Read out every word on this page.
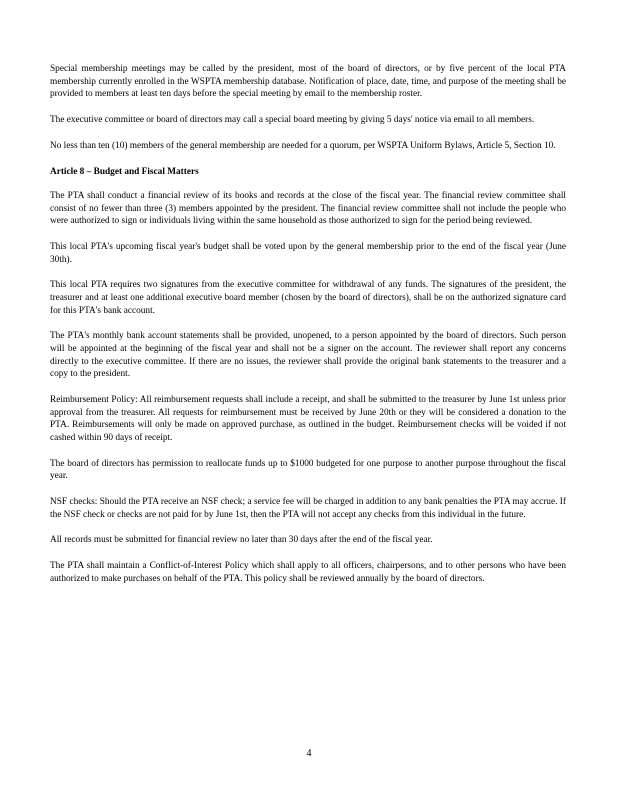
Special membership meetings may be called by the president, most of the board of directors, or by five percent of the local PTA membership currently enrolled in the WSPTA membership database. Notification of place, date, time, and purpose of the meeting shall be provided to members at least ten days before the special meeting by email to the membership roster.

The executive committee or board of directors may call a special board meeting by giving 5 days' notice via email to all members.

No less than ten (10) members of the general membership are needed for a quorum, per WSPTA Uniform Bylaws, Article 5, Section 10.

Article 8 – Budget and Fiscal Matters

The PTA shall conduct a financial review of its books and records at the close of the fiscal year. The financial review committee shall consist of no fewer than three (3) members appointed by the president. The financial review committee shall not include the people who were authorized to sign or individuals living within the same household as those authorized to sign for the period being reviewed.

This local PTA's upcoming fiscal year's budget shall be voted upon by the general membership prior to the end of the fiscal year (June 30th).

This local PTA requires two signatures from the executive committee for withdrawal of any funds. The signatures of the president, the treasurer and at least one additional executive board member (chosen by the board of directors), shall be on the authorized signature card for this PTA's bank account.

The PTA's monthly bank account statements shall be provided, unopened, to a person appointed by the board of directors. Such person will be appointed at the beginning of the fiscal year and shall not be a signer on the account. The reviewer shall report any concerns directly to the executive committee. If there are no issues, the reviewer shall provide the original bank statements to the treasurer and a copy to the president.

Reimbursement Policy: All reimbursement requests shall include a receipt, and shall be submitted to the treasurer by June 1st unless prior approval from the treasurer. All requests for reimbursement must be received by June 20th or they will be considered a donation to the PTA. Reimbursements will only be made on approved purchase, as outlined in the budget. Reimbursement checks will be voided if not cashed within 90 days of receipt.

The board of directors has permission to reallocate funds up to $1000 budgeted for one purpose to another purpose throughout the fiscal year.

NSF checks: Should the PTA receive an NSF check; a service fee will be charged in addition to any bank penalties the PTA may accrue. If the NSF check or checks are not paid for by June 1st, then the PTA will not accept any checks from this individual in the future.

All records must be submitted for financial review no later than 30 days after the end of the fiscal year.

The PTA shall maintain a Conflict-of-Interest Policy which shall apply to all officers, chairpersons, and to other persons who have been authorized to make purchases on behalf of the PTA. This policy shall be reviewed annually by the board of directors.

4
